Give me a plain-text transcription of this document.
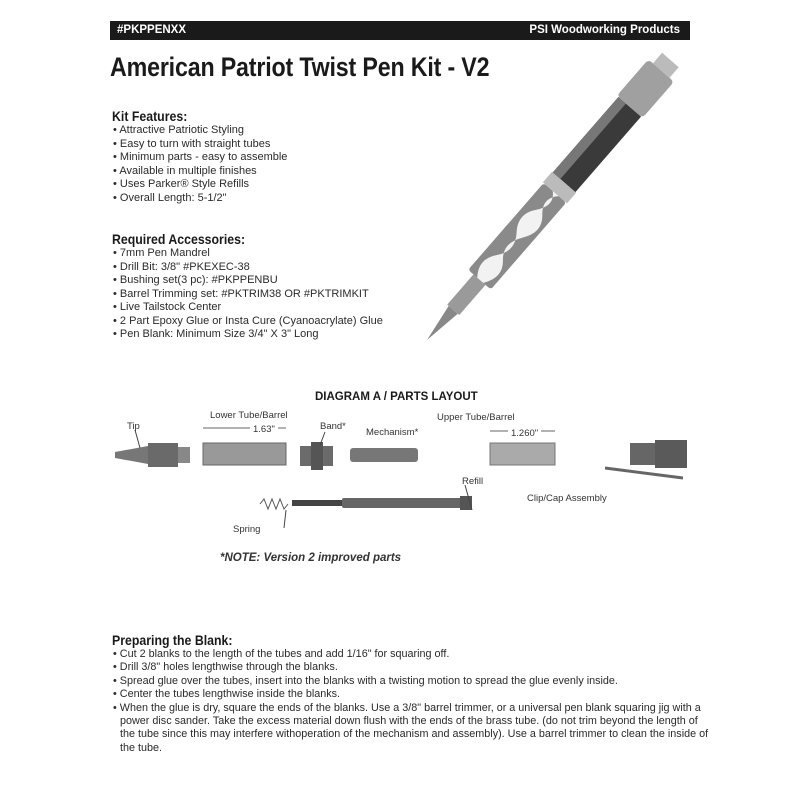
#PKPPENXX	PSI Woodworking Products
American Patriot Twist Pen Kit - V2
Kit Features:
• Attractive Patriotic Styling
• Easy to turn with straight tubes
• Minimum parts - easy to assemble
• Available in multiple finishes
• Uses Parker® Style Refills
• Overall Length: 5-1/2"
Required Accessories:
• 7mm Pen Mandrel
• Drill Bit: 3/8" #PKEXEC-38
• Bushing set(3 pc): #PKPPENBU
• Barrel Trimming set: #PKTRIM38 OR #PKTRIMKIT
• Live Tailstock Center
• 2 Part Epoxy Glue or Insta Cure (Cyanoacrylate) Glue
• Pen Blank: Minimum Size 3/4" X 3" Long
DIAGRAM A / PARTS LAYOUT
Tip
Lower Tube/Barrel
1.63"	Band*
Mechanism*
Upper Tube/Barrel
1.260"
Refill
Clip/Cap Assembly
Spring
*NOTE: Version 2 improved parts
Preparing the Blank:
• Cut 2 blanks to the length of the tubes and add 1/16" for squaring off.
• Drill 3/8" holes lengthwise through the blanks.
• Spread glue over the tubes, insert into the blanks with a twisting motion to spread the glue evenly inside.
• Center the tubes lengthwise inside the blanks.
• When the glue is dry, square the ends of the blanks. Use a 3/8" barrel trimmer, or a universal pen blank squaring jig with a power disc sander. Take the excess material down flush with the ends of the brass tube. (do not trim beyond the length of the tube since this may interfere withoperation of the mechanism and assembly). Use a barrel trimmer to clean the inside of the tube.
